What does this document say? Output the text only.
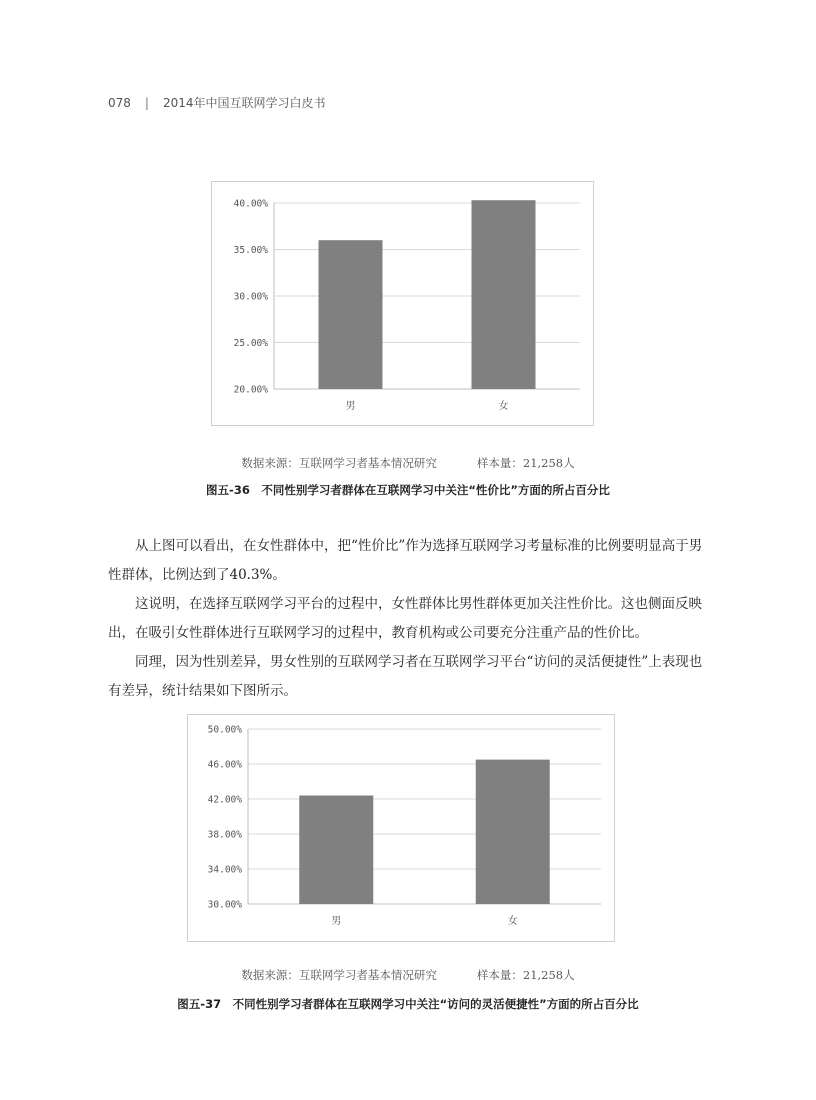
078 | 2014年中国互联网学习白皮书
20.00%
25.00%
30.00%
35.00%
40.00%
男	女
数据来源：互联网学习者基本情况研究	样本量：21,258人
图五-36　不同性别学习者群体在互联网学习中关注“性价比”方面的所占百分比

从上图可以看出，在女性群体中，把“性价比”作为选择互联网学习考量标准的比例要明显高于男性群体，比例达到了40.3%。

这说明，在选择互联网学习平台的过程中，女性群体比男性群体更加关注性价比。这也侧面反映出，在吸引女性群体进行互联网学习的过程中，教育机构或公司要充分注重产品的性价比。

同理，因为性别差异，男女性别的互联网学习者在互联网学习平台“访问的灵活便捷性”上表现也有差异，统计结果如下图所示。

30.00%
34.00%
38.00%
42.00%
46.00%
50.00%
男	女
数据来源：互联网学习者基本情况研究	样本量：21,258人
图五-37　不同性别学习者群体在互联网学习中关注“访问的灵活便捷性”方面的所占百分比
